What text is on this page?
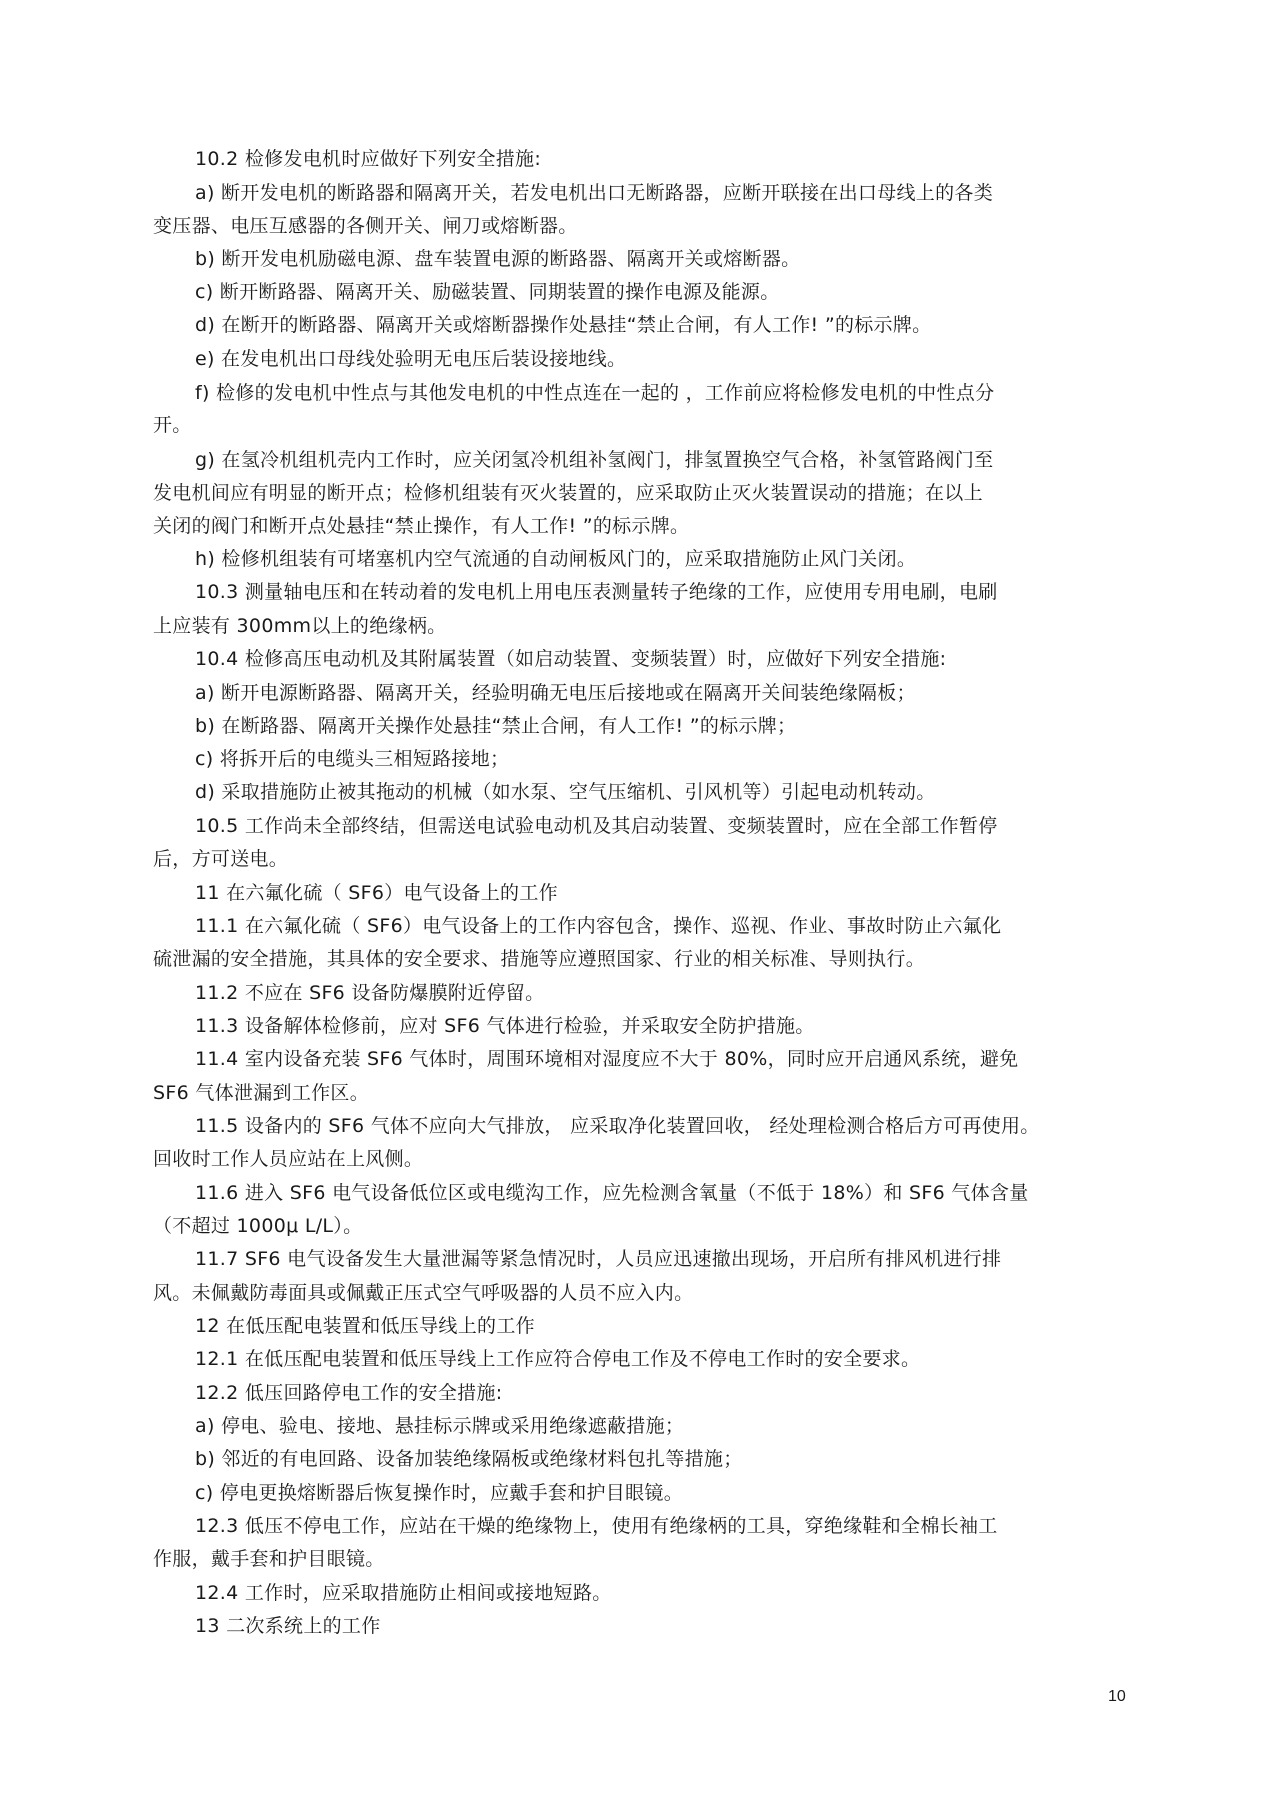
10.2 检修发电机时应做好下列安全措施:
a) 断开发电机的断路器和隔离开关，若发电机出口无断路器，应断开联接在出口母线上的各类
变压器、电压互感器的各侧开关、闸刀或熔断器。
b) 断开发电机励磁电源、盘车装置电源的断路器、隔离开关或熔断器。
c) 断开断路器、隔离开关、励磁装置、同期装置的操作电源及能源。
d) 在断开的断路器、隔离开关或熔断器操作处悬挂“禁止合闸，有人工作! ”的标示牌。
e) 在发电机出口母线处验明无电压后装设接地线。
f) 检修的发电机中性点与其他发电机的中性点连在一起的 ，工作前应将检修发电机的中性点分
开。
g) 在氢冷机组机壳内工作时，应关闭氢冷机组补氢阀门，排氢置换空气合格，补氢管路阀门至
发电机间应有明显的断开点；检修机组装有灭火装置的，应采取防止灭火装置误动的措施；在以上
关闭的阀门和断开点处悬挂“禁止操作，有人工作! ”的标示牌。
h) 检修机组装有可堵塞机内空气流通的自动闸板风门的，应采取措施防止风门关闭。
10.3 测量轴电压和在转动着的发电机上用电压表测量转子绝缘的工作，应使用专用电刷，电刷
上应装有 300mm以上的绝缘柄。
10.4 检修高压电动机及其附属装置（如启动装置、变频装置）时，应做好下列安全措施:
a) 断开电源断路器、隔离开关，经验明确无电压后接地或在隔离开关间装绝缘隔板；
b) 在断路器、隔离开关操作处悬挂“禁止合闸，有人工作! ”的标示牌；
c) 将拆开后的电缆头三相短路接地；
d) 采取措施防止被其拖动的机械（如水泵、空气压缩机、引风机等）引起电动机转动。
10.5 工作尚未全部终结，但需送电试验电动机及其启动装置、变频装置时，应在全部工作暂停
后，方可送电。
11 在六氟化硫（ SF6）电气设备上的工作
11.1 在六氟化硫（ SF6）电气设备上的工作内容包含，操作、巡视、作业、事故时防止六氟化
硫泄漏的安全措施，其具体的安全要求、措施等应遵照国家、行业的相关标准、导则执行。
11.2 不应在 SF6 设备防爆膜附近停留。
11.3 设备解体检修前，应对 SF6 气体进行检验，并采取安全防护措施。
11.4 室内设备充装 SF6 气体时，周围环境相对湿度应不大于 80%，同时应开启通风系统，避免
SF6 气体泄漏到工作区。
11.5 设备内的 SF6 气体不应向大气排放， 应采取净化装置回收， 经处理检测合格后方可再使用。
回收时工作人员应站在上风侧。
11.6 进入 SF6 电气设备低位区或电缆沟工作，应先检测含氧量（不低于 18%）和 SF6 气体含量
（不超过 1000μ L/L）。
11.7 SF6 电气设备发生大量泄漏等紧急情况时，人员应迅速撤出现场，开启所有排风机进行排
风。未佩戴防毒面具或佩戴正压式空气呼吸器的人员不应入内。
12 在低压配电装置和低压导线上的工作
12.1 在低压配电装置和低压导线上工作应符合停电工作及不停电工作时的安全要求。
12.2 低压回路停电工作的安全措施:
a) 停电、验电、接地、悬挂标示牌或采用绝缘遮蔽措施；
b) 邻近的有电回路、设备加装绝缘隔板或绝缘材料包扎等措施；
c) 停电更换熔断器后恢复操作时，应戴手套和护目眼镜。
12.3 低压不停电工作，应站在干燥的绝缘物上，使用有绝缘柄的工具，穿绝缘鞋和全棉长袖工
作服，戴手套和护目眼镜。
12.4 工作时，应采取措施防止相间或接地短路。
13 二次系统上的工作
10
